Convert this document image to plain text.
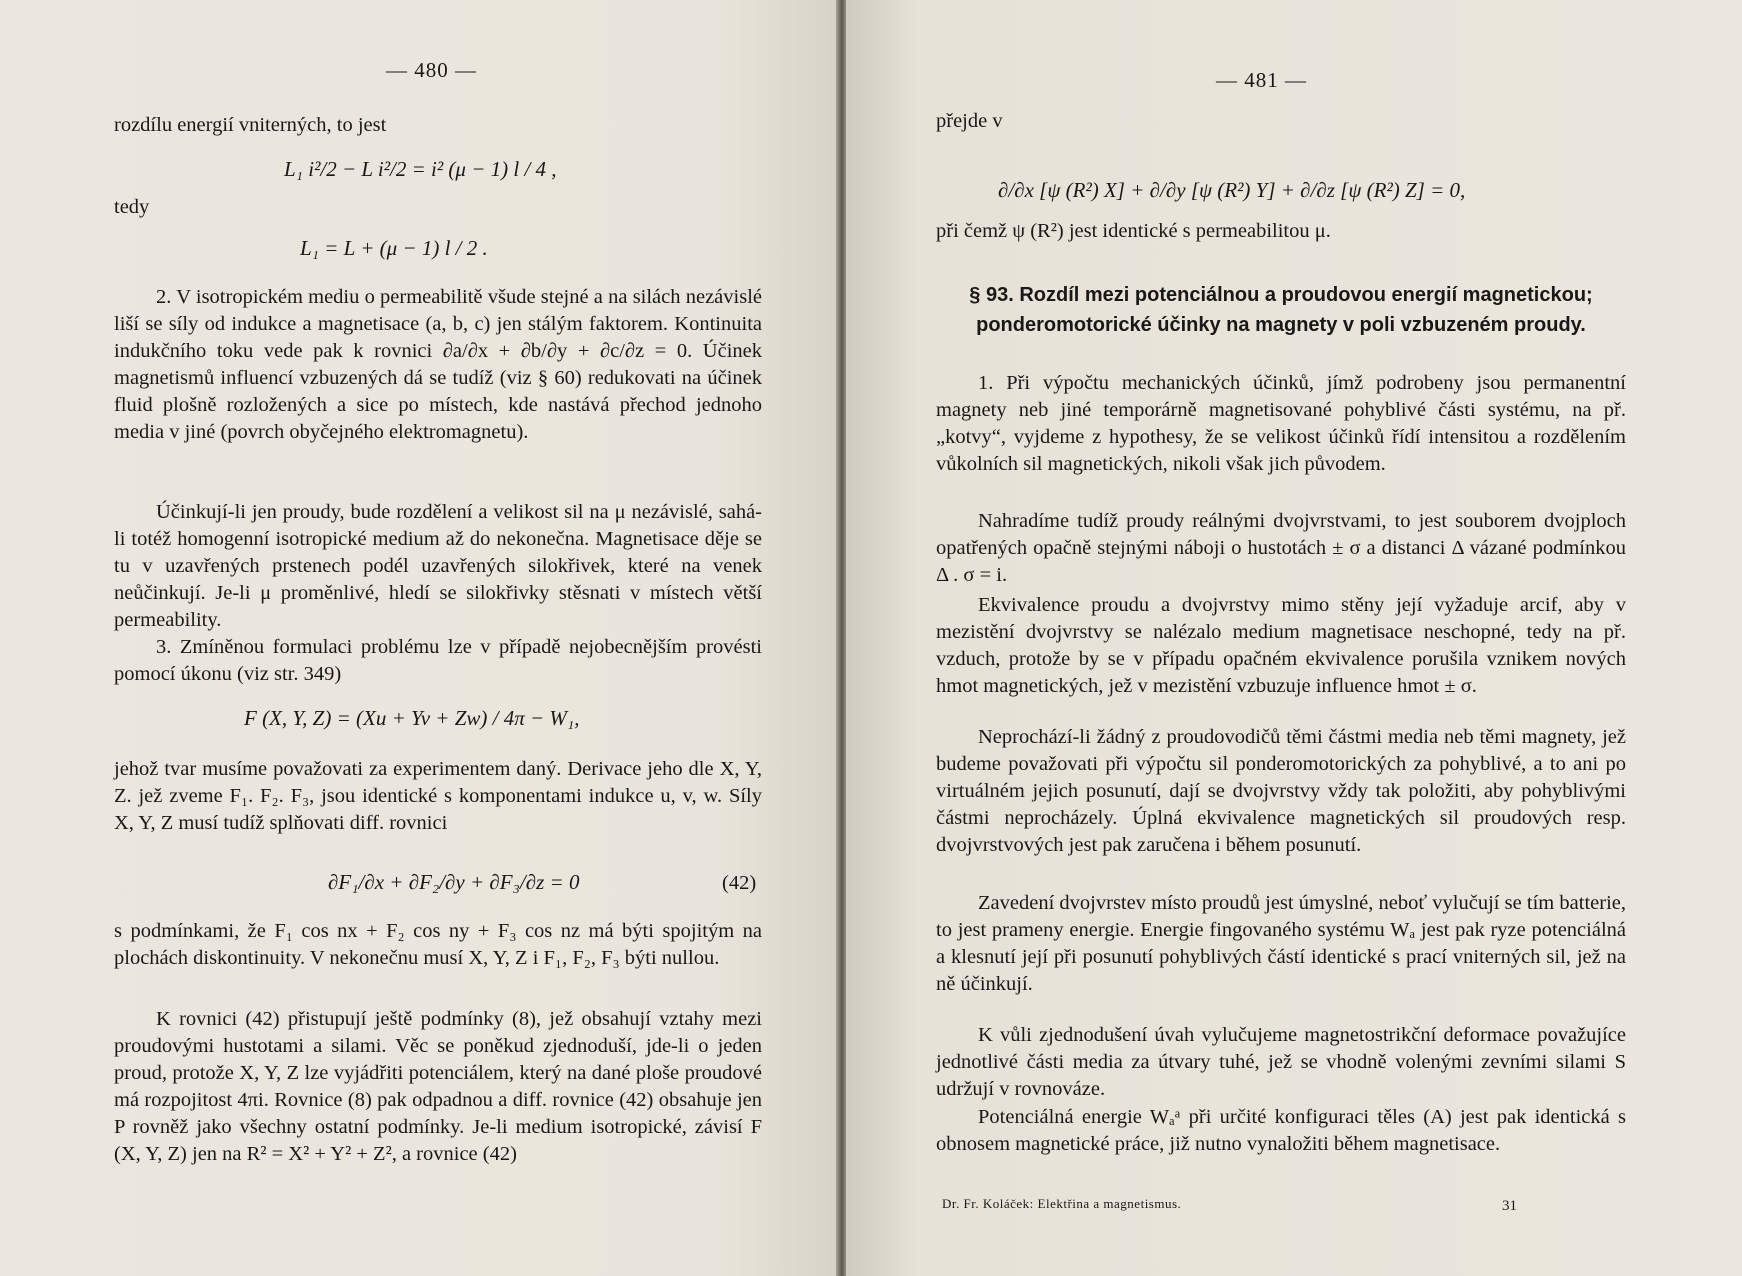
— 480 —
rozdílu energií vniterných, to jest
L₁ i²/2 − L i²/2 = i² (μ − 1) l / 4 ,
tedy
L₁ = L + (μ − 1) l / 2 .
2. V isotropickém mediu o permeabilitě všude stejné a na silách nezávislé liší se síly od indukce a magnetisace (a, b, c) jen stálým faktorem. Kontinuita indukčního toku vede pak k rovnici ∂a/∂x + ∂b/∂y + ∂c/∂z = 0. Účinek magnetismů influencí vzbuzených dá se tudíž (viz § 60) redukovati na účinek fluid plošně rozložených a sice po místech, kde nastává přechod jednoho media v jiné (povrch obyčejného elektromagnetu).
Účinkují-li jen proudy, bude rozdělení a velikost sil na μ nezávislé, sahá-li totéž homogenní isotropické medium až do nekonečna. Magnetisace děje se tu v uzavřených prstenech podél uzavřených silokřivek, které na venek neůčinkují. Je-li μ proměnlivé, hledí se silokřivky stěsnati v místech větší permeability.
3. Zmíněnou formulaci problému lze v případě nejobecnějším provésti pomocí úkonu (viz str. 349)
F (X, Y, Z) = (Xu + Yv + Zw) / 4π − W₁,
jehož tvar musíme považovati za experimentem daný. Derivace jeho dle X, Y, Z. jež zveme F₁. F₂. F₃, jsou identické s komponentami indukce u, v, w. Síly X, Y, Z musí tudíž splňovati diff. rovnici
∂F₁/∂x + ∂F₂/∂y + ∂F₃/∂z = 0	(42)
s podmínkami, že F₁ cos nx + F₂ cos ny + F₃ cos nz má býti spojitým na plochách diskontinuity. V nekonečnu musí X, Y, Z i F₁, F₂, F₃ býti nullou.
K rovnici (42) přistupují ještě podmínky (8), jež obsahují vztahy mezi proudovými hustotami a silami. Věc se poněkud zjednoduší, jde-li o jeden proud, protože X, Y, Z lze vyjádřiti potenciálem, který na dané ploše proudové má rozpojitost 4πi. Rovnice (8) pak odpadnou a diff. rovnice (42) obsahuje jen P rovněž jako všechny ostatní podmínky. Je-li medium isotropické, závisí F (X, Y, Z) jen na R² = X² + Y² + Z², a rovnice (42)
— 481 —
přejde v
∂/∂x [ψ (R²) X] + ∂/∂y [ψ (R²) Y] + ∂/∂z [ψ (R²) Z] = 0,
při čemž ψ (R²) jest identické s permeabilitou μ.
§ 93. Rozdíl mezi potenciálnou a proudovou energií magnetickou; ponderomotorické účinky na magnety v poli vzbuzeném proudy.
1. Při výpočtu mechanických účinků, jímž podrobeny jsou permanentní magnety neb jiné temporárně magnetisované pohyblivé části systému, na př. „kotvy“, vyjdeme z hypothesy, že se velikost účinků řídí intensitou a rozdělením vůkolních sil magnetických, nikoli však jich původem.
Nahradíme tudíž proudy reálnými dvojvrstvami, to jest souborem dvojploch opatřených opačně stejnými náboji o hustotách ± σ a distanci Δ vázané podmínkou Δ . σ = i.
Ekvivalence proudu a dvojvrstvy mimo stěny její vyžaduje arcif, aby v mezistění dvojvrstvy se nalézalo medium magnetisace neschopné, tedy na př. vzduch, protože by se v případu opačném ekvivalence porušila vznikem nových hmot magnetických, jež v mezistění vzbuzuje influence hmot ± σ.
Neprochází-li žádný z proudovodičů těmi částmi media neb těmi magnety, jež budeme považovati při výpočtu sil ponderomotorických za pohyblivé, a to ani po virtuálném jejich posunutí, dají se dvojvrstvy vždy tak položiti, aby pohyblivými částmi neprocházely. Úplná ekvivalence magnetických sil proudových resp. dvojvrstvových jest pak zaručena i během posunutí.
Zavedení dvojvrstev místo proudů jest úmyslné, neboť vylučují se tím batterie, to jest prameny energie. Energie fingovaného systému Wₐ jest pak ryze potenciálná a klesnutí její při posunutí pohyblivých částí identické s prací vniterných sil, jež na ně účinkují.
K vůli zjednodušení úvah vylučujeme magnetostrikční deformace považujíce jednotlivé části media za útvary tuhé, jež se vhodně volenými zevními silami S udržují v rovnováze.
Potenciálná energie Wₐᵃ při určité konfiguraci těles (A) jest pak identická s obnosem magnetické práce, již nutno vynaložiti během magnetisace.
Dr. Fr. Koláček: Elektřina a magnetismus.	31
